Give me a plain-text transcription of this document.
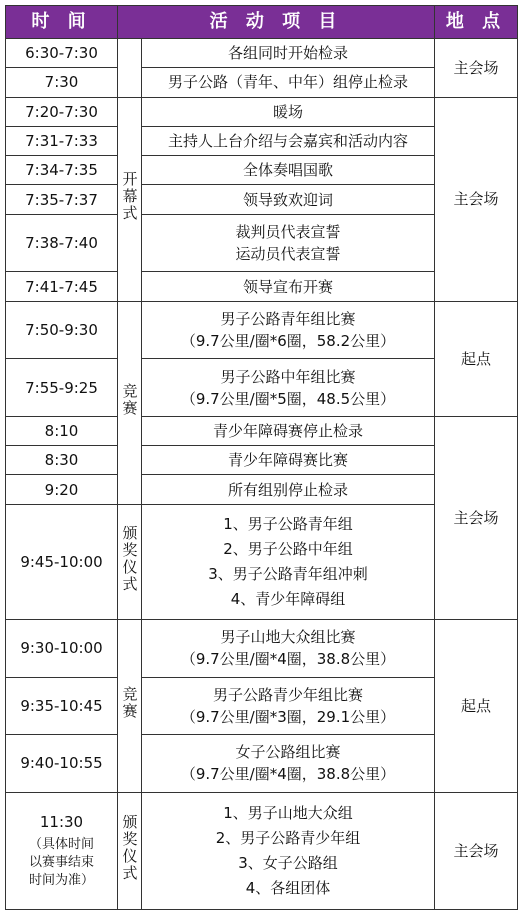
时 间	活 动 项 目		地 点
6:30-7:30		各组同时开始检录	主会场
7:30		男子公路（青年、中年）组停止检录	

7:20-7:30	开幕式	暖场	主会场
7:31-7:33		主持人上台介绍与会嘉宾和活动内容	

7:34-7:35		全体奏唱国歌	

7:35-7:37		领导致欢迎词	

7:38-7:40		裁判员代表宣誓
运动员代表宣誓	

7:41-7:45		领导宣布开赛	

7:50-9:30	竞赛	男子公路青年组比赛
（9.7公里/圈*6圈，58.2公里）	起点
7:55-9:25		男子公路中年组比赛
（9.7公里/圈*5圈，48.5公里）	

8:10		青少年障碍赛停止检录	主会场
8:30		青少年障碍赛比赛	

9:20		所有组别停止检录	

9:45-10:00	颁奖仪式	1、男子公路青年组
2、男子公路中年组
3、男子公路青年组冲刺
4、青少年障碍组	

9:30-10:00	竞赛	男子山地大众组比赛
（9.7公里/圈*4圈，38.8公里）	起点
9:35-10:45		男子公路青少年组比赛
（9.7公里/圈*3圈，29.1公里）	

9:40-10:55		女子公路组比赛
（9.7公里/圈*4圈，38.8公里）	

11:30
（具体时间
以赛事结束
时间为准）	颁奖仪式	1、男子山地大众组
2、男子公路青少年组
3、女子公路组
4、各组团体	主会场
